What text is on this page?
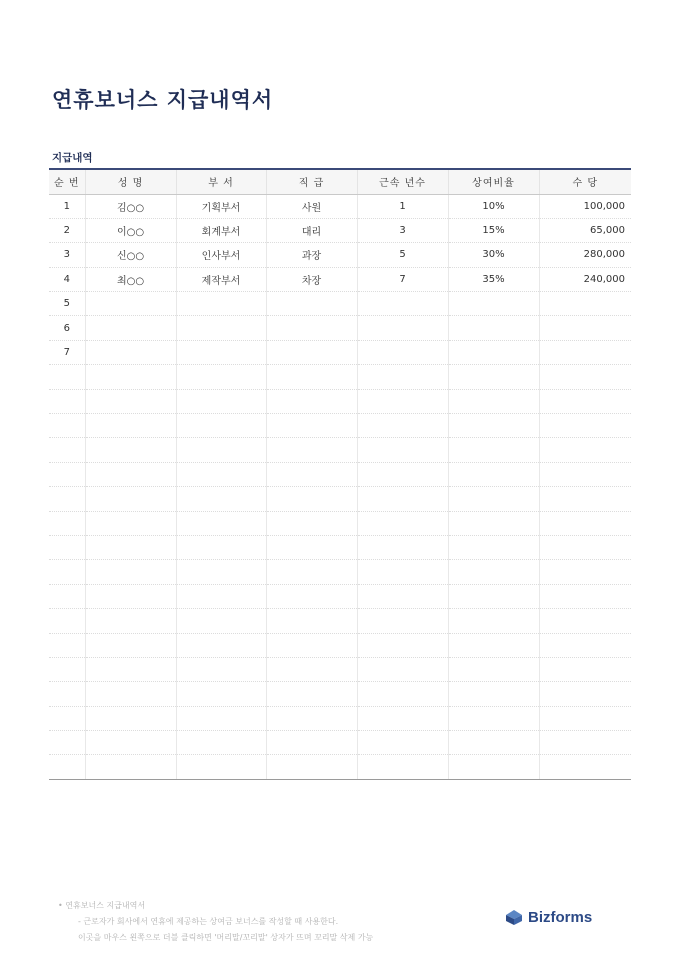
연휴보너스 지급내역서
지급내역
순 번	성 명	부 서	직 급	근속 년수	상여비율	수 당
1	김○○	기획부서	사원	1	10%	100,000
2	이○○	회계부서	대리	3	15%	65,000
3	신○○	인사부서	과장	5	30%	280,000
4	최○○	제작부서	차장	7	35%	240,000
5						
6						
7						

• 연휴보너스 지급내역서
- 근로자가 회사에서 연휴에 제공하는 상여금 보너스를 작성할 때 사용한다.
이곳을 마우스 왼쪽으로 더블 클릭하면 '머리말/꼬리말' 상자가 뜨며 꼬리말 삭제 가능
Bizforms
